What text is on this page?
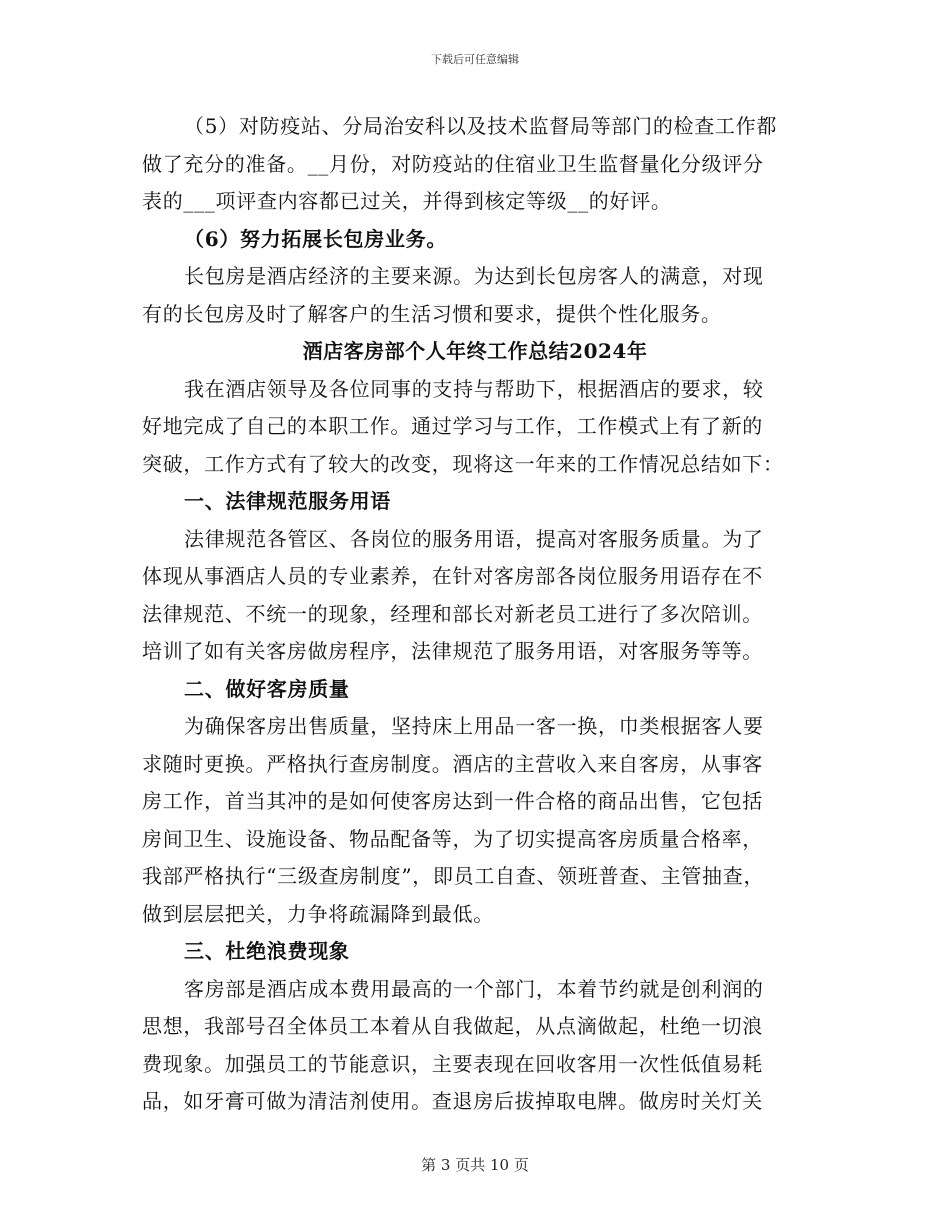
下载后可任意编辑
（5）对防疫站、分局治安科以及技术监督局等部门的检查工作都
做了充分的准备。__月份，对防疫站的住宿业卫生监督量化分级评分
表的___项评查内容都已过关，并得到核定等级__的好评。
（6）努力拓展长包房业务。
长包房是酒店经济的主要来源。为达到长包房客人的满意，对现
有的长包房及时了解客户的生活习惯和要求，提供个性化服务。
酒店客房部个人年终工作总结2024年
我在酒店领导及各位同事的支持与帮助下，根据酒店的要求，较
好地完成了自己的本职工作。通过学习与工作，工作模式上有了新的
突破，工作方式有了较大的改变，现将这一年来的工作情况总结如下：
一、法律规范服务用语
法律规范各管区、各岗位的服务用语，提高对客服务质量。为了
体现从事酒店人员的专业素养，在针对客房部各岗位服务用语存在不
法律规范、不统一的现象，经理和部长对新老员工进行了多次陪训。
培训了如有关客房做房程序，法律规范了服务用语，对客服务等等。
二、做好客房质量
为确保客房出售质量，坚持床上用品一客一换，巾类根据客人要
求随时更换。严格执行查房制度。酒店的主营收入来自客房，从事客
房工作，首当其冲的是如何使客房达到一件合格的商品出售，它包括
房间卫生、设施设备、物品配备等，为了切实提高客房质量合格率，
我部严格执行“三级查房制度”，即员工自查、领班普查、主管抽查，
做到层层把关，力争将疏漏降到最低。
三、杜绝浪费现象
客房部是酒店成本费用最高的一个部门，本着节约就是创利润的
思想，我部号召全体员工本着从自我做起，从点滴做起，杜绝一切浪
费现象。加强员工的节能意识，主要表现在回收客用一次性低值易耗
品，如牙膏可做为清洁剂使用。查退房后拔掉取电牌。做房时关灯关
第 3 页共 10 页
